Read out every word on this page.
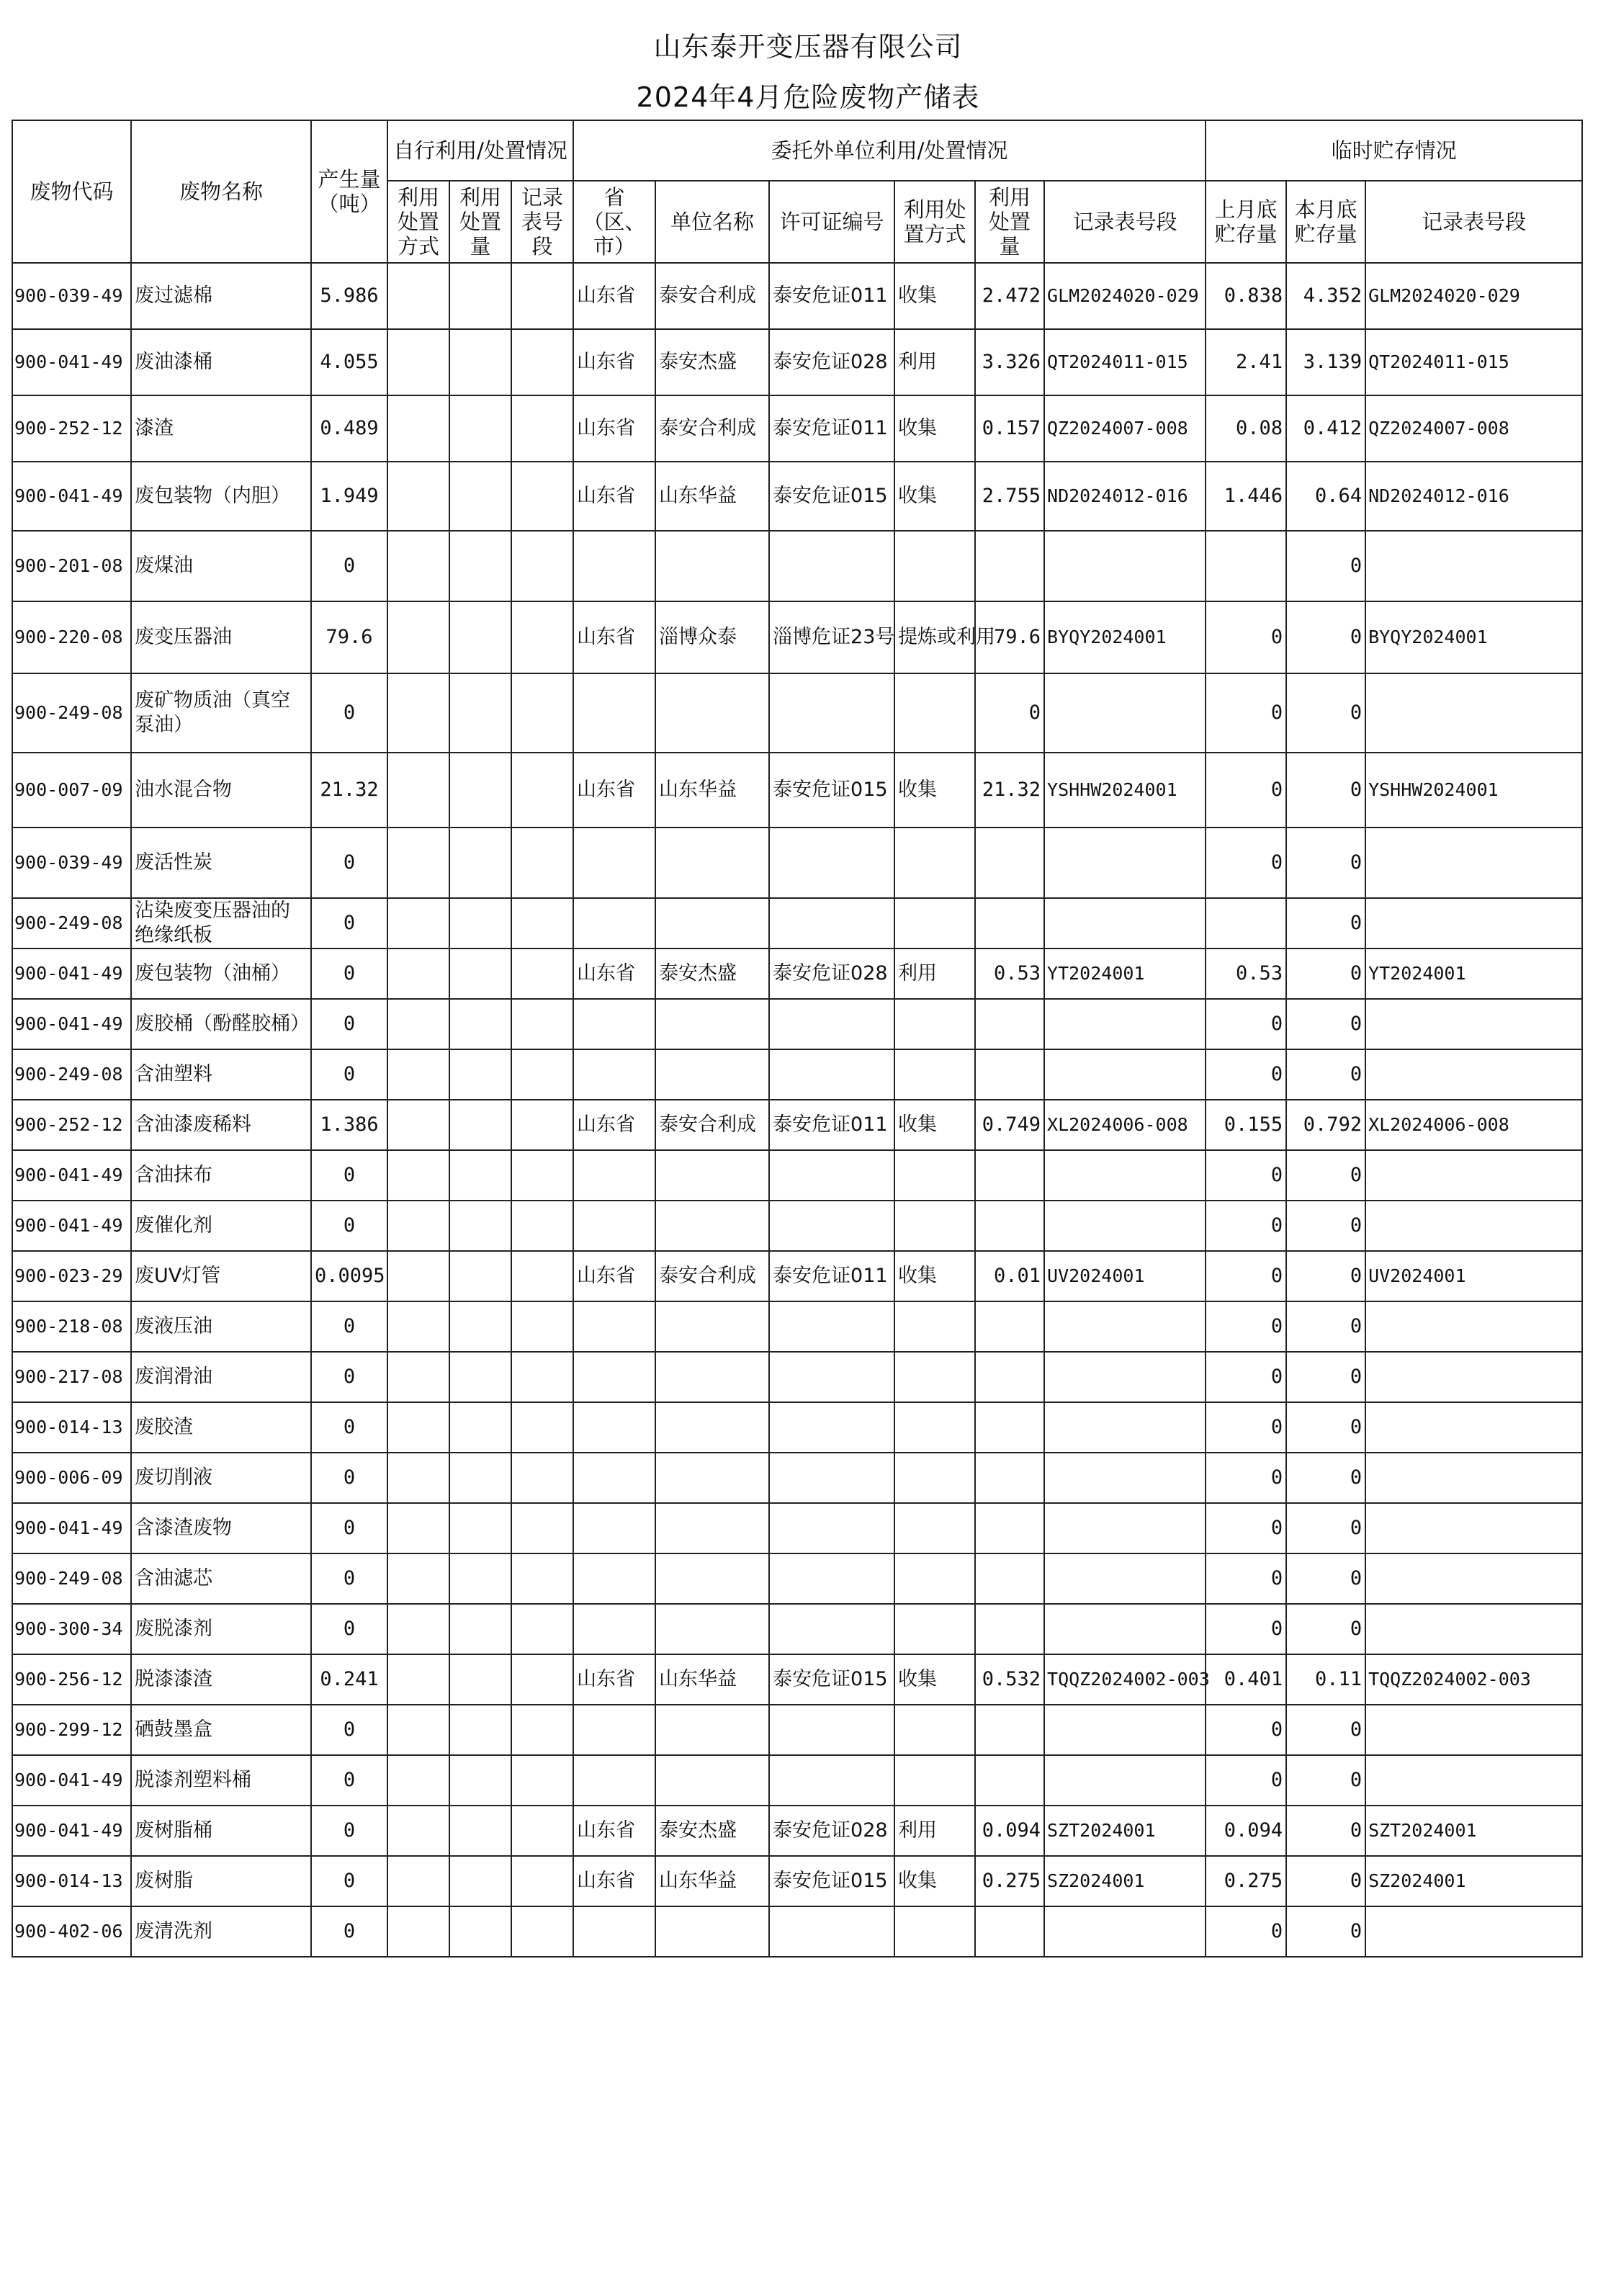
山东泰开变压器有限公司
2024年4月危险废物产储表
废物代码	废物名称	产生量（吨）	自行利用/处置情况			委托外单位利用/处置情况						临时贮存情况		
			利用处置方式	利用处置量	记录表号段	省（区、市）	单位名称	许可证编号	利用处置方式	利用处置量	记录表号段	上月底贮存量	本月底贮存量	记录表号段
900-039-49	废过滤棉	5.986				山东省	泰安合利成	泰安危证011	收集	2.472	GLM2024020-029	0.838	4.352	GLM2024020-029
900-041-49	废油漆桶	4.055				山东省	泰安杰盛	泰安危证028	利用	3.326	QT2024011-015	2.41	3.139	QT2024011-015
900-252-12	漆渣	0.489				山东省	泰安合利成	泰安危证011	收集	0.157	QZ2024007-008	0.08	0.412	QZ2024007-008
900-041-49	废包装物（内胆）	1.949				山东省	山东华益	泰安危证015	收集	2.755	ND2024012-016	1.446	0.64	ND2024012-016
900-201-08	废煤油	0											0	
900-220-08	废变压器油	79.6				山东省	淄博众泰	淄博危证23号	提炼或利用	79.6	BYQY2024001	0	0	BYQY2024001
900-249-08	废矿物质油（真空泵油）	0								0		0	0	
900-007-09	油水混合物	21.32				山东省	山东华益	泰安危证015	收集	21.32	YSHHW2024001	0	0	YSHHW2024001
900-039-49	废活性炭	0										0	0	
900-249-08	沾染废变压器油的绝缘纸板	0											0	
900-041-49	废包装物（油桶）	0				山东省	泰安杰盛	泰安危证028	利用	0.53	YT2024001	0.53	0	YT2024001
900-041-49	废胶桶（酚醛胶桶）	0										0	0	
900-249-08	含油塑料	0										0	0	
900-252-12	含油漆废稀料	1.386				山东省	泰安合利成	泰安危证011	收集	0.749	XL2024006-008	0.155	0.792	XL2024006-008
900-041-49	含油抹布	0										0	0	
900-041-49	废催化剂	0										0	0	
900-023-29	废UV灯管	0.0095				山东省	泰安合利成	泰安危证011	收集	0.01	UV2024001	0	0	UV2024001
900-218-08	废液压油	0										0	0	
900-217-08	废润滑油	0										0	0	
900-014-13	废胶渣	0										0	0	
900-006-09	废切削液	0										0	0	
900-041-49	含漆渣废物	0										0	0	
900-249-08	含油滤芯	0										0	0	
900-300-34	废脱漆剂	0										0	0	
900-256-12	脱漆漆渣	0.241				山东省	山东华益	泰安危证015	收集	0.532	TQQZ2024002-003	0.401	0.11	TQQZ2024002-003
900-299-12	硒鼓墨盒	0										0	0	
900-041-49	脱漆剂塑料桶	0										0	0	
900-041-49	废树脂桶	0				山东省	泰安杰盛	泰安危证028	利用	0.094	SZT2024001	0.094	0	SZT2024001
900-014-13	废树脂	0				山东省	山东华益	泰安危证015	收集	0.275	SZ2024001	0.275	0	SZ2024001
900-402-06	废清洗剂	0										0	0	
